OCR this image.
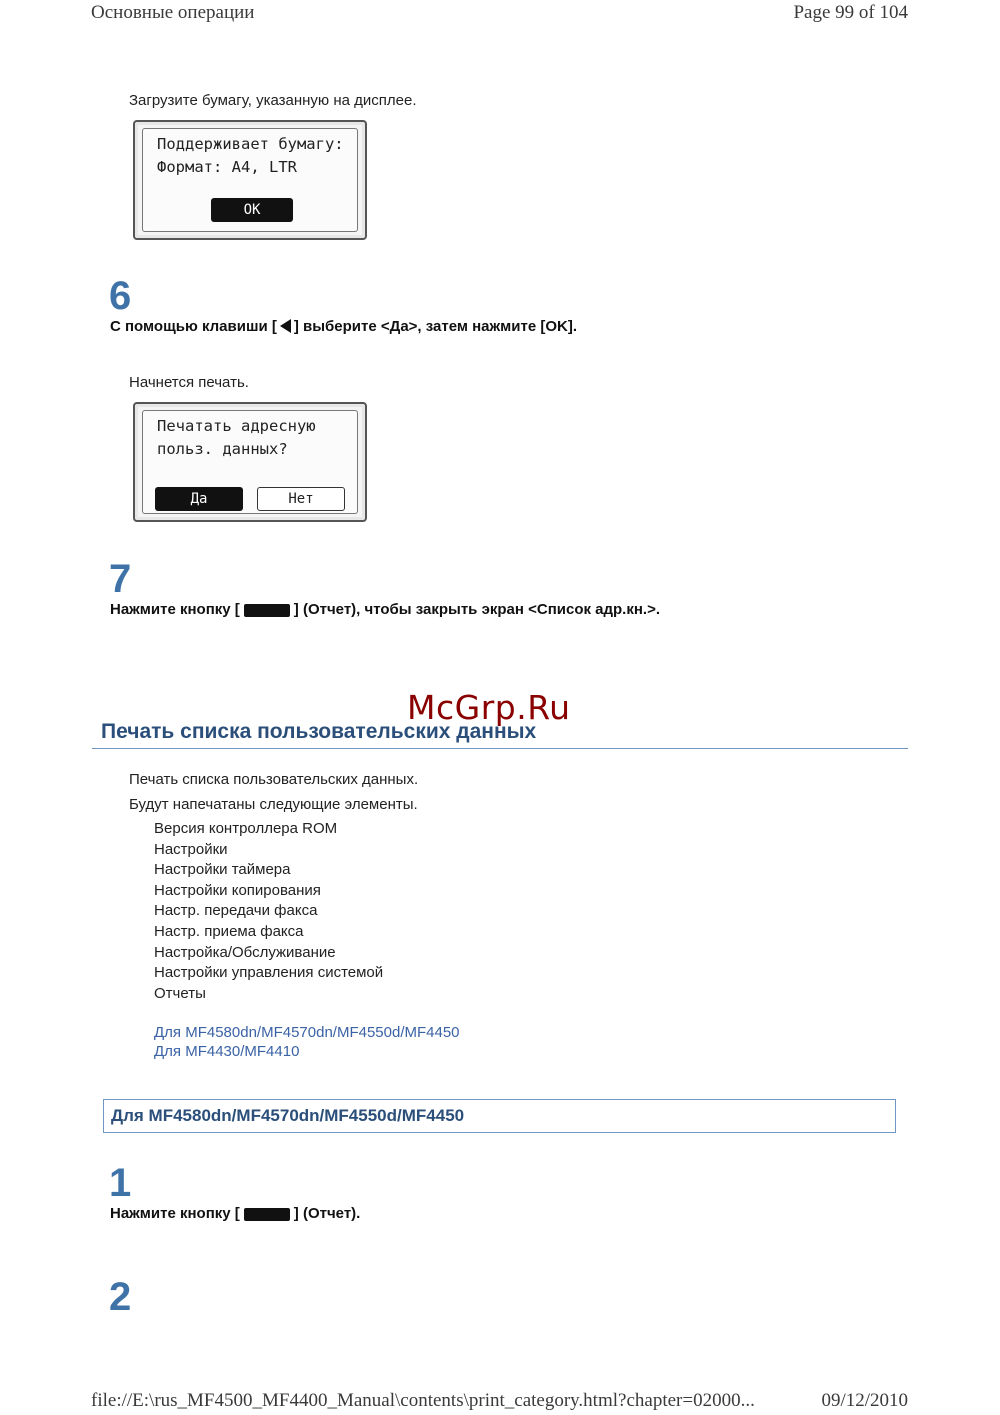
Основные операции	Page 99 of 104
Загрузите бумагу, указанную на дисплее.
Поддерживает бумагу:
Формат: A4, LTR
OK
6
С помощью клавиши [ ] выберите <Да>, затем нажмите [OK].
Начнется печать.
Печатать адресную
польз. данных?
Да	Нет
7
Нажмите кнопку [	] (Отчет), чтобы закрыть экран <Список адр.кн.>.
McGrp.Ru
Печать списка пользовательских данных
Печать списка пользовательских данных.
Будут напечатаны следующие элементы.
Версия контроллера ROM
Настройки
Настройки таймера
Настройки копирования
Настр. передачи факса
Настр. приема факса
Настройка/Обслуживание
Настройки управления системой
Отчеты
Для MF4580dn/MF4570dn/MF4550d/MF4450
Для MF4430/MF4410
Для MF4580dn/MF4570dn/MF4550d/MF4450
1
Нажмите кнопку [	] (Отчет).
2
file://E:\rus_MF4500_MF4400_Manual\contents\print_category.html?chapter=02000...	09/12/2010
